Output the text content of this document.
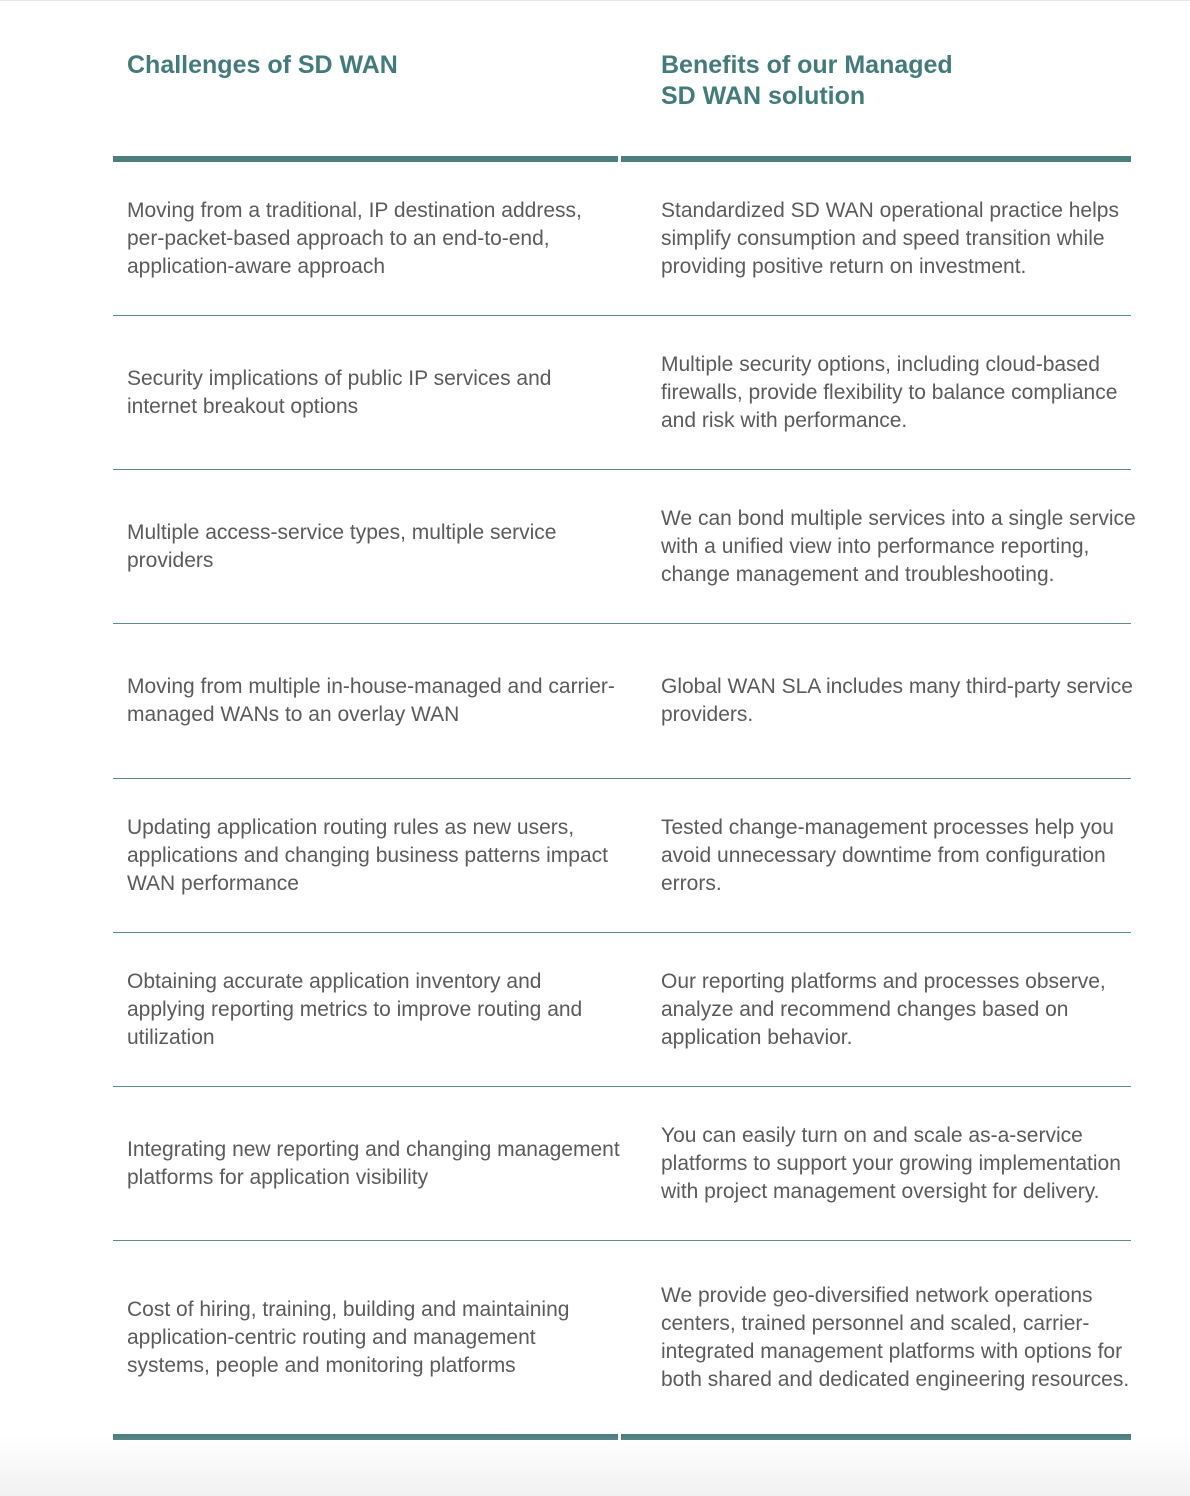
Challenges of SD WAN	Benefits of our Managed
SD WAN solution
Moving from a traditional, IP destination address, per-packet-based approach to an end-to-end, application-aware approach
Standardized SD WAN operational practice helps simplify consumption and speed transition while providing positive return on investment.
Security implications of public IP services and internet breakout options
Multiple security options, including cloud-based firewalls, provide flexibility to balance compliance and risk with performance.
Multiple access-service types, multiple service providers
We can bond multiple services into a single service with a unified view into performance reporting, change management and troubleshooting.
Moving from multiple in-house-managed and carrier-managed WANs to an overlay WAN
Global WAN SLA includes many third-party service providers.
Updating application routing rules as new users, applications and changing business patterns impact WAN performance
Tested change-management processes help you avoid unnecessary downtime from configuration errors.
Obtaining accurate application inventory and applying reporting metrics to improve routing and utilization
Our reporting platforms and processes observe, analyze and recommend changes based on application behavior.
Integrating new reporting and changing management platforms for application visibility
You can easily turn on and scale as-a-service platforms to support your growing implementation with project management oversight for delivery.
Cost of hiring, training, building and maintaining application-centric routing and management systems, people and monitoring platforms
We provide geo-diversified network operations centers, trained personnel and scaled, carrier-integrated management platforms with options for both shared and dedicated engineering resources.
